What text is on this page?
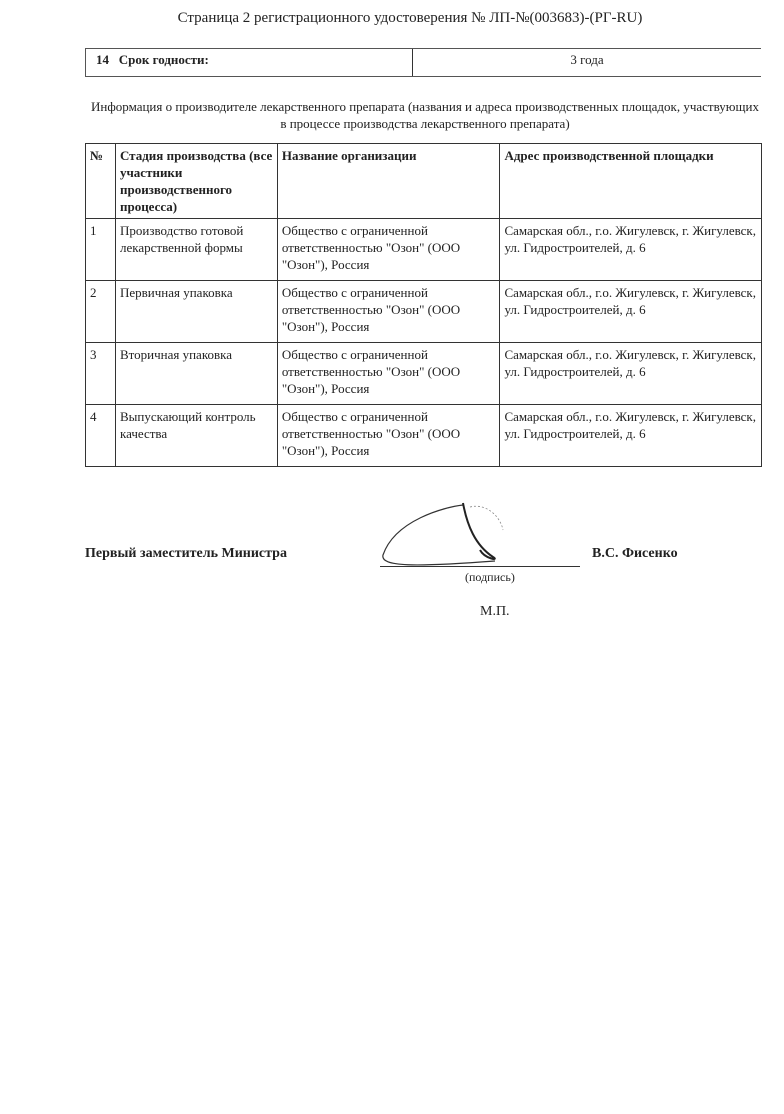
Страница 2 регистрационного удостоверения № ЛП-№(003683)-(РГ-RU)
14 Срок годности:	3 года
Информация о производителе лекарственного препарата (названия и адреса производственных площадок, участвующих в процессе производства лекарственного препарата)
№	Стадия производства (все участники производственного процесса)	Название организации	Адрес производственной площадки
1	Производство готовой лекарственной формы	Общество с ограниченной ответственностью "Озон" (ООО "Озон"), Россия	Самарская обл., г.о. Жигулевск, г. Жигулевск, ул. Гидростроителей, д. 6
2	Первичная упаковка	Общество с ограниченной ответственностью "Озон" (ООО "Озон"), Россия	Самарская обл., г.о. Жигулевск, г. Жигулевск, ул. Гидростроителей, д. 6
3	Вторичная упаковка	Общество с ограниченной ответственностью "Озон" (ООО "Озон"), Россия	Самарская обл., г.о. Жигулевск, г. Жигулевск, ул. Гидростроителей, д. 6
4	Выпускающий контроль качества	Общество с ограниченной ответственностью "Озон" (ООО "Озон"), Россия	Самарская обл., г.о. Жигулевск, г. Жигулевск, ул. Гидростроителей, д. 6
Первый заместитель Министра	В.С. Фисенко
(подпись)
М.П.
